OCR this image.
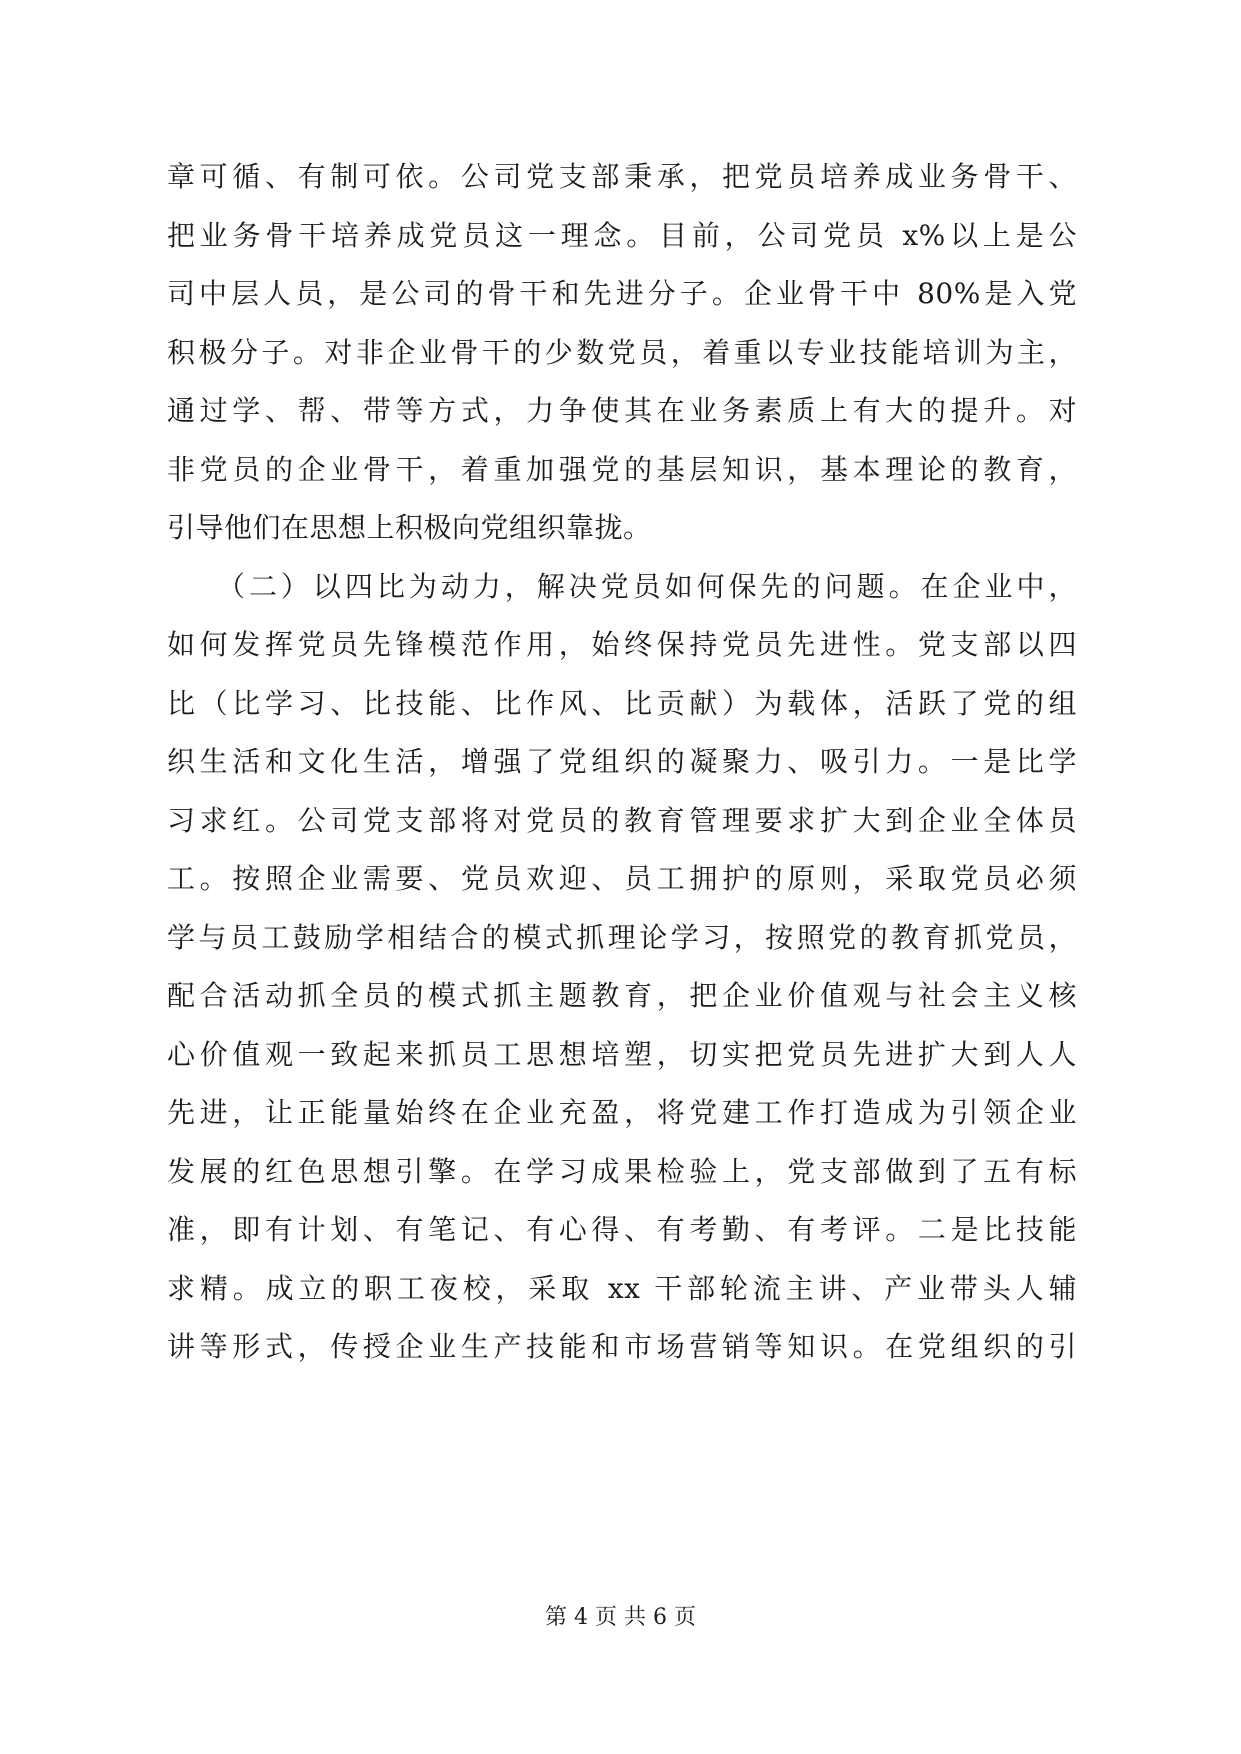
章可循、有制可依。公司党支部秉承，把党员培养成业务骨干、
把业务骨干培养成党员这一理念。目前，公司党员 x%以上是公
司中层人员，是公司的骨干和先进分子。企业骨干中 80%是入党
积极分子。对非企业骨干的少数党员，着重以专业技能培训为主，
通过学、帮、带等方式，力争使其在业务素质上有大的提升。对
非党员的企业骨干，着重加强党的基层知识，基本理论的教育，
引导他们在思想上积极向党组织靠拢。
　　（二）以四比为动力，解决党员如何保先的问题。在企业中，
如何发挥党员先锋模范作用，始终保持党员先进性。党支部以四
比（比学习、比技能、比作风、比贡献）为载体，活跃了党的组
织生活和文化生活，增强了党组织的凝聚力、吸引力。一是比学
习求红。公司党支部将对党员的教育管理要求扩大到企业全体员
工。按照企业需要、党员欢迎、员工拥护的原则，采取党员必须
学与员工鼓励学相结合的模式抓理论学习，按照党的教育抓党员，
配合活动抓全员的模式抓主题教育，把企业价值观与社会主义核
心价值观一致起来抓员工思想培塑，切实把党员先进扩大到人人
先进，让正能量始终在企业充盈，将党建工作打造成为引领企业
发展的红色思想引擎。在学习成果检验上，党支部做到了五有标
准，即有计划、有笔记、有心得、有考勤、有考评。二是比技能
求精。成立的职工夜校，采取 xx 干部轮流主讲、产业带头人辅
讲等形式，传授企业生产技能和市场营销等知识。在党组织的引
第 4 页 共 6 页
